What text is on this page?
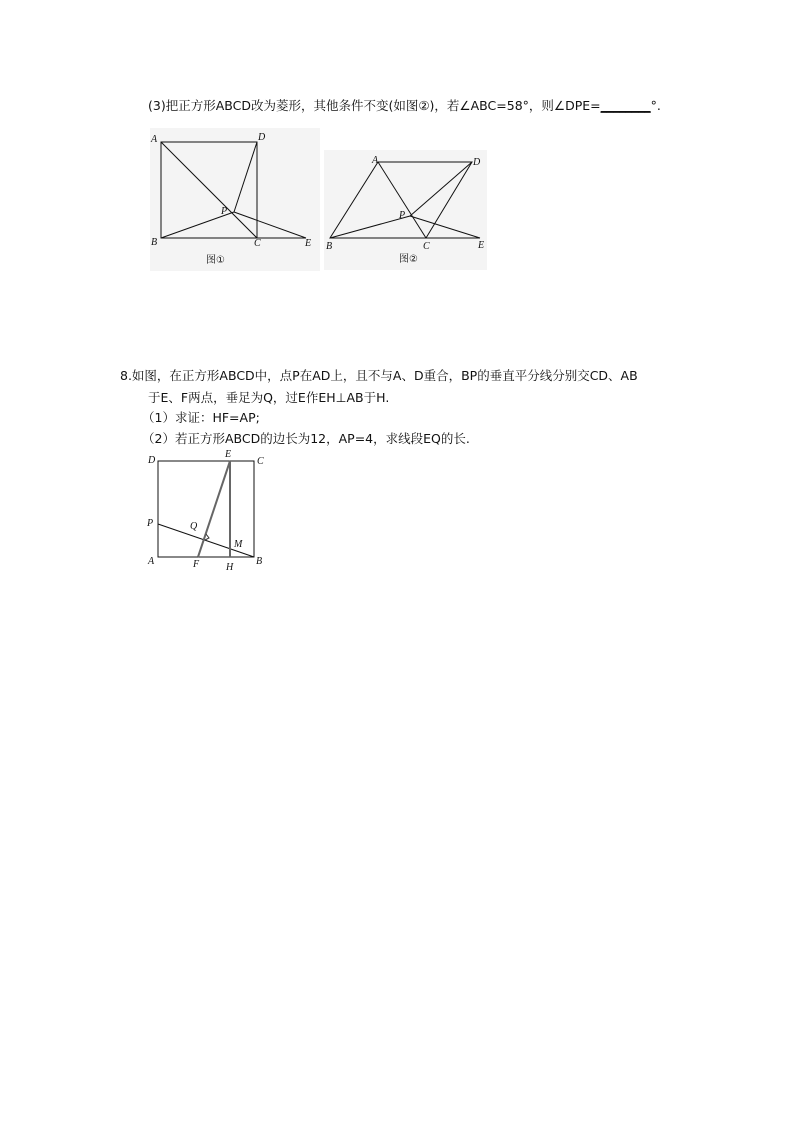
(3)把正方形ABCD改为菱形，其他条件不变(如图②)，若∠ABC=58°，则∠DPE=________°.
A	D
P
B	C	E
图①
A	D
P
B	C	E
图②
8.如图，在正方形ABCD中，点P在AD上，且不与A、D重合，BP的垂直平分线分别交CD、AB
于E、F两点，垂足为Q，过E作EH⊥AB于H.
（1）求证：HF=AP;
（2）若正方形ABCD的边长为12，AP=4，求线段EQ的长.
D
E
C
P	Q
M
A	F	H
B
